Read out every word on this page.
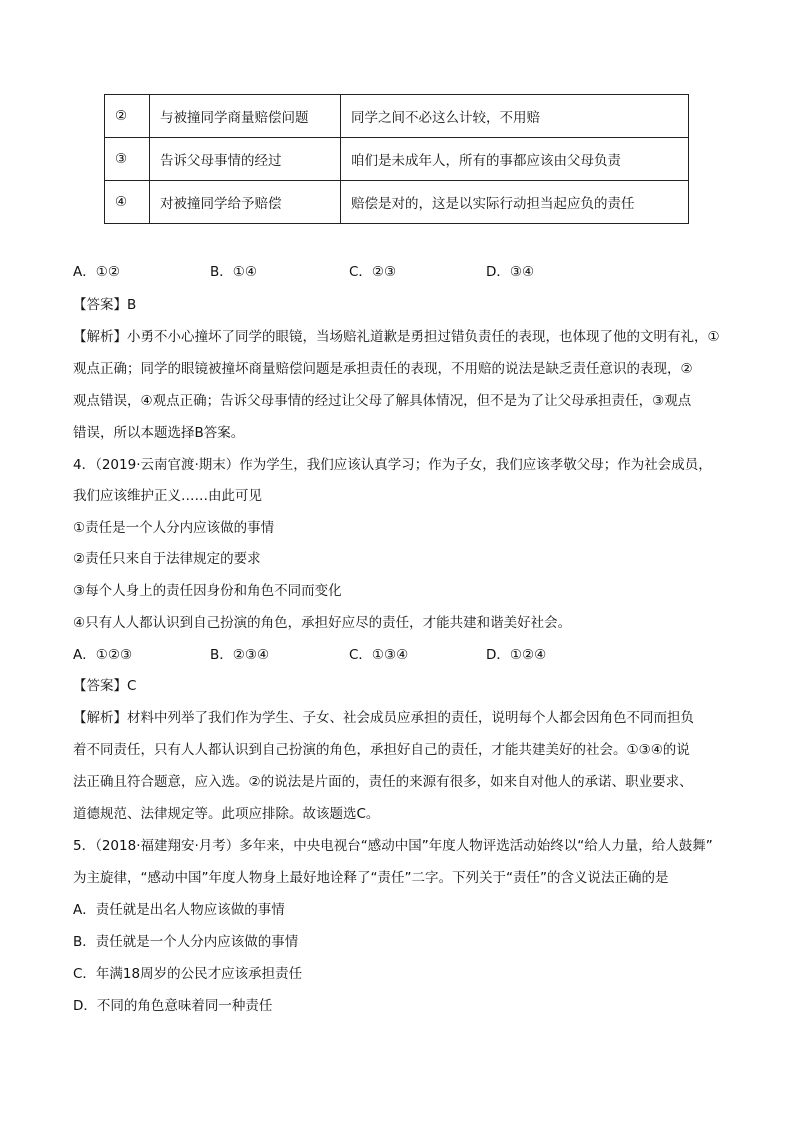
②	与被撞同学商量赔偿问题	同学之间不必这么计较，不用赔
③	告诉父母事情的经过	咱们是未成年人，所有的事都应该由父母负责
④	对被撞同学给予赔偿	赔偿是对的，这是以实际行动担当起应负的责任
A．①②	B．①④	C．②③	D．③④
【答案】B
【解析】小勇不小心撞坏了同学的眼镜，当场赔礼道歉是勇担过错负责任的表现，也体现了他的文明有礼，①
观点正确；同学的眼镜被撞坏商量赔偿问题是承担责任的表现，不用赔的说法是缺乏责任意识的表现，②
观点错误，④观点正确；告诉父母事情的经过让父母了解具体情况，但不是为了让父母承担责任，③观点
错误，所以本题选择B答案。
4．（2019·云南官渡·期末）作为学生，我们应该认真学习；作为子女，我们应该孝敬父母；作为社会成员，
我们应该维护正义……由此可见
①责任是一个人分内应该做的事情
②责任只来自于法律规定的要求
③每个人身上的责任因身份和角色不同而变化
④只有人人都认识到自己扮演的角色，承担好应尽的责任，才能共建和谐美好社会。
A．①②③	B．②③④	C．①③④	D．①②④
【答案】C
【解析】材料中列举了我们作为学生、子女、社会成员应承担的责任，说明每个人都会因角色不同而担负
着不同责任，只有人人都认识到自己扮演的角色，承担好自己的责任，才能共建美好的社会。①③④的说
法正确且符合题意，应入选。②的说法是片面的，责任的来源有很多，如来自对他人的承诺、职业要求、
道德规范、法律规定等。此项应排除。故该题选C。
5．（2018·福建翔安·月考）多年来，中央电视台“感动中国”年度人物评选活动始终以“给人力量，给人鼓舞”
为主旋律，“感动中国”年度人物身上最好地诠释了“责任”二字。下列关于“责任”的含义说法正确的是
A．责任就是出名人物应该做的事情
B．责任就是一个人分内应该做的事情
C．年满18周岁的公民才应该承担责任
D．不同的角色意味着同一种责任
